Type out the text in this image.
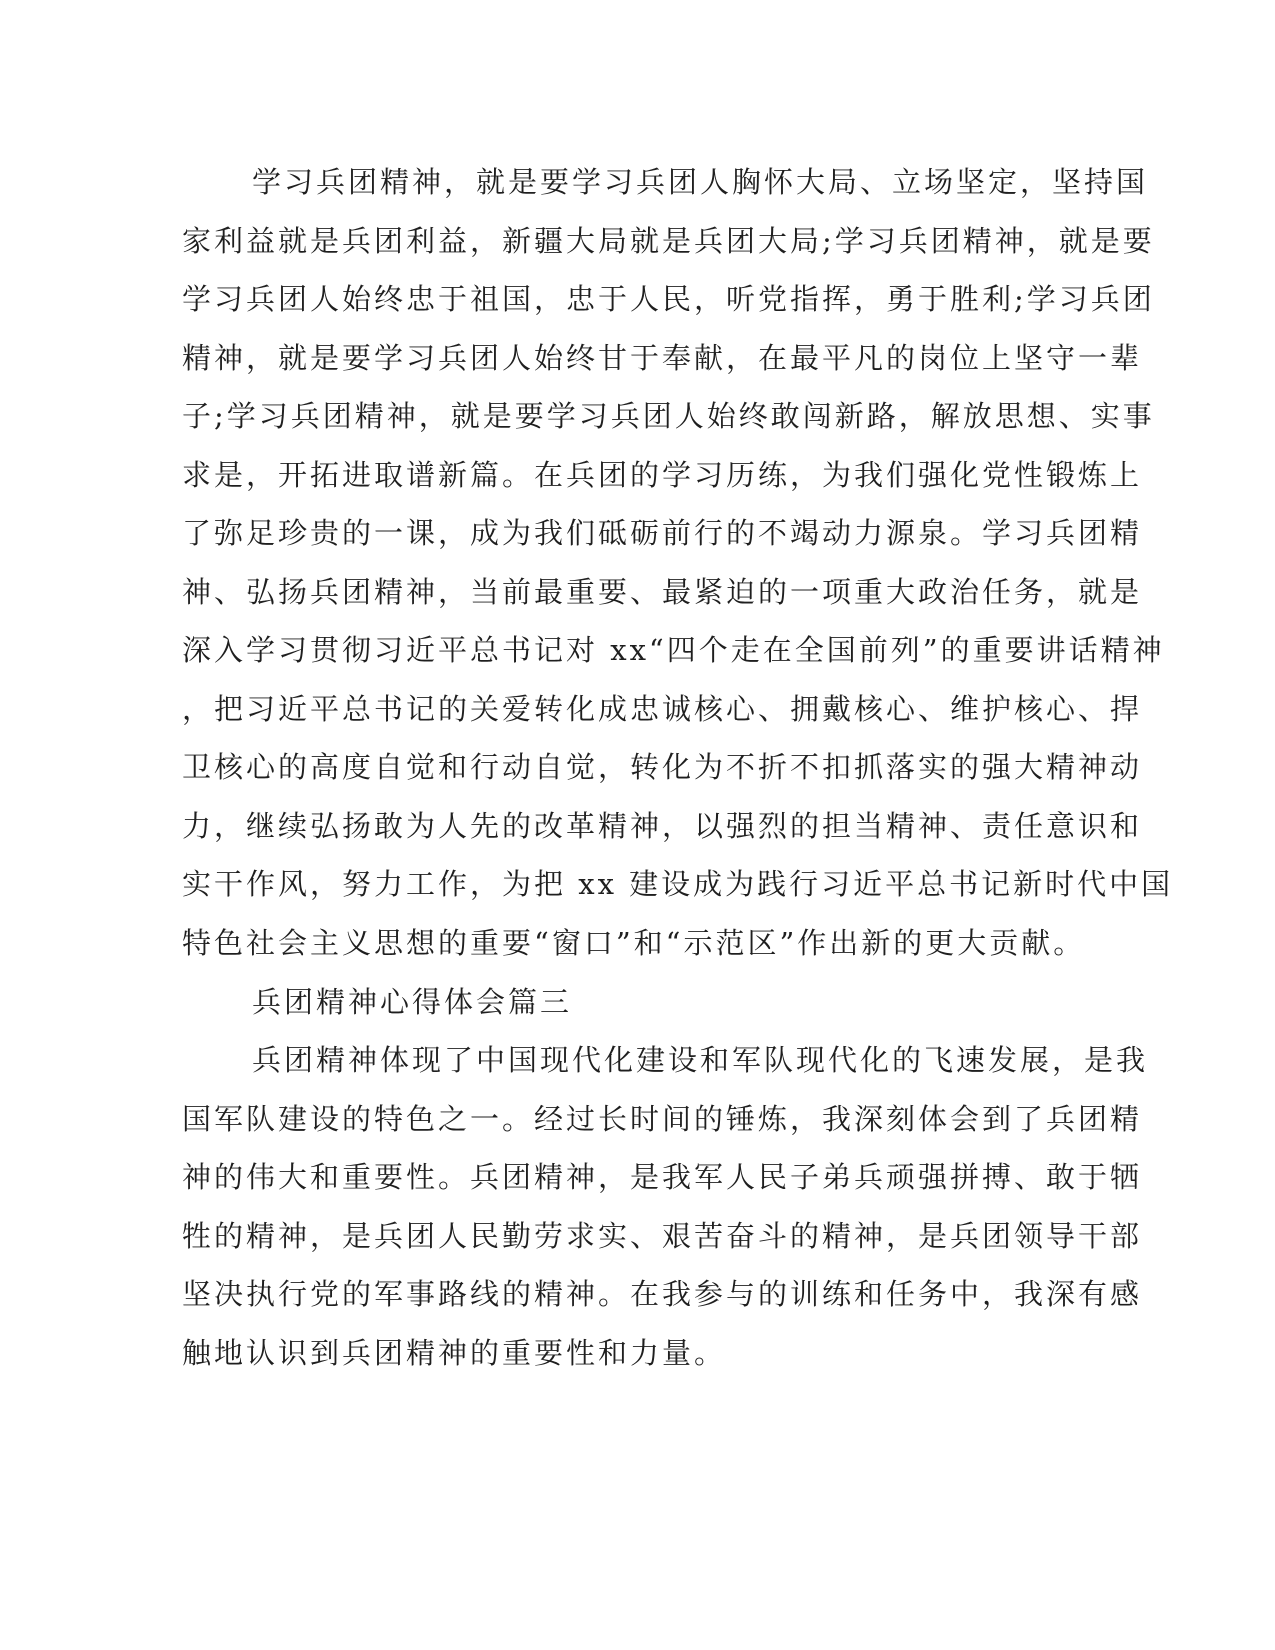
学习兵团精神，就是要学习兵团人胸怀大局、立场坚定，坚持国
家利益就是兵团利益，新疆大局就是兵团大局;学习兵团精神，就是要
学习兵团人始终忠于祖国，忠于人民，听党指挥，勇于胜利;学习兵团
精神，就是要学习兵团人始终甘于奉献，在最平凡的岗位上坚守一辈
子;学习兵团精神，就是要学习兵团人始终敢闯新路，解放思想、实事
求是，开拓进取谱新篇。在兵团的学习历练，为我们强化党性锻炼上
了弥足珍贵的一课，成为我们砥砺前行的不竭动力源泉。学习兵团精
神、弘扬兵团精神，当前最重要、最紧迫的一项重大政治任务，就是
深入学习贯彻习近平总书记对 xx“四个走在全国前列”的重要讲话精神
，把习近平总书记的关爱转化成忠诚核心、拥戴核心、维护核心、捍
卫核心的高度自觉和行动自觉，转化为不折不扣抓落实的强大精神动
力，继续弘扬敢为人先的改革精神，以强烈的担当精神、责任意识和
实干作风，努力工作，为把 xx 建设成为践行习近平总书记新时代中国
特色社会主义思想的重要“窗口”和“示范区”作出新的更大贡献。
兵团精神心得体会篇三
兵团精神体现了中国现代化建设和军队现代化的飞速发展，是我
国军队建设的特色之一。经过长时间的锤炼，我深刻体会到了兵团精
神的伟大和重要性。兵团精神，是我军人民子弟兵顽强拼搏、敢于牺
牲的精神，是兵团人民勤劳求实、艰苦奋斗的精神，是兵团领导干部
坚决执行党的军事路线的精神。在我参与的训练和任务中，我深有感
触地认识到兵团精神的重要性和力量。
